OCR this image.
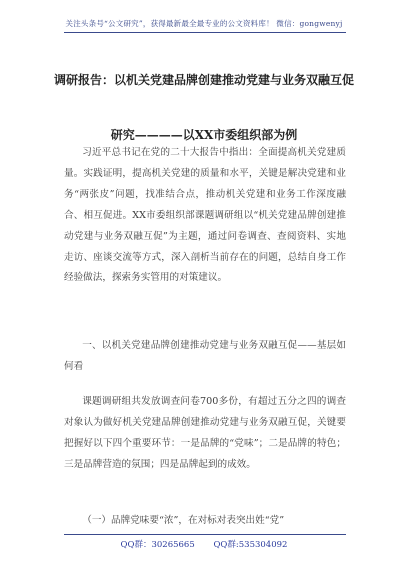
关注头条号“公文研究”，获得最新最全最专业的公文资料库！ 微信：gongwenyj
调研报告：以机关党建品牌创建推动党建与业务双融互促
研究————以XX市委组织部为例

习近平总书记在党的二十大报告中指出：全面提高机关党建质量。实践证明，提高机关党建的质量和水平，关键是解决党建和业务“两张皮”问题，找准结合点，推动机关党建和业务工作深度融合、相互促进。XX市委组织部课题调研组以“机关党建品牌创建推动党建与业务双融互促”为主题，通过问卷调查、查阅资料、实地走访、座谈交流等方式，深入剖析当前存在的问题，总结自身工作经验做法，探索务实管用的对策建议。

一、以机关党建品牌创建推动党建与业务双融互促——基层如何看

课题调研组共发放调查问卷700多份，有超过五分之四的调查对象认为做好机关党建品牌创建推动党建与业务双融互促，关键要把握好以下四个重要环节：一是品牌的“党味”；二是品牌的特色；三是品牌营造的氛围；四是品牌起到的成效。

（一）品牌党味要“浓”，在对标对表突出姓“党”

QQ群：30265665 QQ群:535304092
